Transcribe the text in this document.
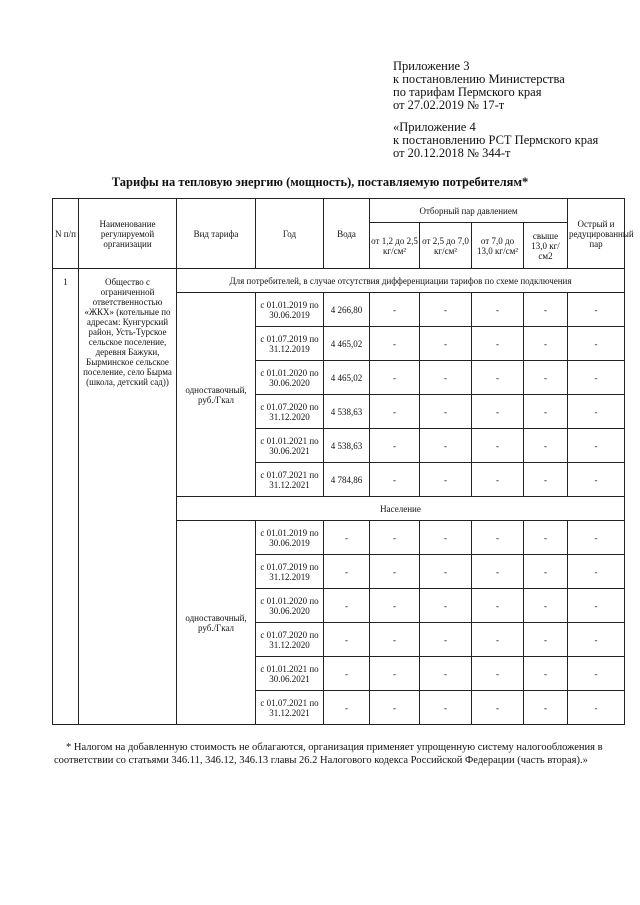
Приложение 3
к постановлению Министерства
по тарифам Пермского края
от 27.02.2019 № 17-т
«Приложение 4
к постановлению РСТ Пермского края
от 20.12.2018 № 344-т
Тарифы на тепловую энергию (мощность), поставляемую потребителям*
N п/п	Наименование регулируемой организации	Вид тарифа	Год	Вода	Отборный пар давлением				Острый и редуцированный пар
					от 1,2 до 2,5 кг/см²	от 2,5 до 7,0 кг/см²	от 7,0 до 13,0 кг/см²	свыше 13,0 кг/см2	
1	Общество с ограниченной ответственностью «ЖКХ» (котельные по адресам: Кунгурский район, Усть-Турское сельское поселение, деревня Бажуки, Бырминское сельское поселение, село Бырма (школа, детский сад))	Для потребителей, в случае отсутствия дифференциации тарифов по схеме подключения							
		одноставочный, руб./Гкал	с 01.01.2019 по 30.06.2019	4 266,80	-	-	-	-	-
			с 01.07.2019 по 31.12.2019	4 465,02	-	-	-	-	-
			с 01.01.2020 по 30.06.2020	4 465,02	-	-	-	-	-
			с 01.07.2020 по 31.12.2020	4 538,63	-	-	-	-	-
			с 01.01.2021 по 30.06.2021	4 538,63	-	-	-	-	-
			с 01.07.2021 по 31.12.2021	4 784,86	-	-	-	-	-
		Население							
		одноставочный, руб./Гкал	с 01.01.2019 по 30.06.2019	-	-	-	-	-	-
			с 01.07.2019 по 31.12.2019	-	-	-	-	-	-
			с 01.01.2020 по 30.06.2020	-	-	-	-	-	-
			с 01.07.2020 по 31.12.2020	-	-	-	-	-	-
			с 01.01.2021 по 30.06.2021	-	-	-	-	-	-
			с 01.07.2021 по 31.12.2021	-	-	-	-	-	-
* Налогом на добавленную стоимость не облагаются, организация применяет упрощенную систему налогообложения в соответствии со статьями 346.11, 346.12, 346.13 главы 26.2 Налогового кодекса Российской Федерации (часть вторая).»
